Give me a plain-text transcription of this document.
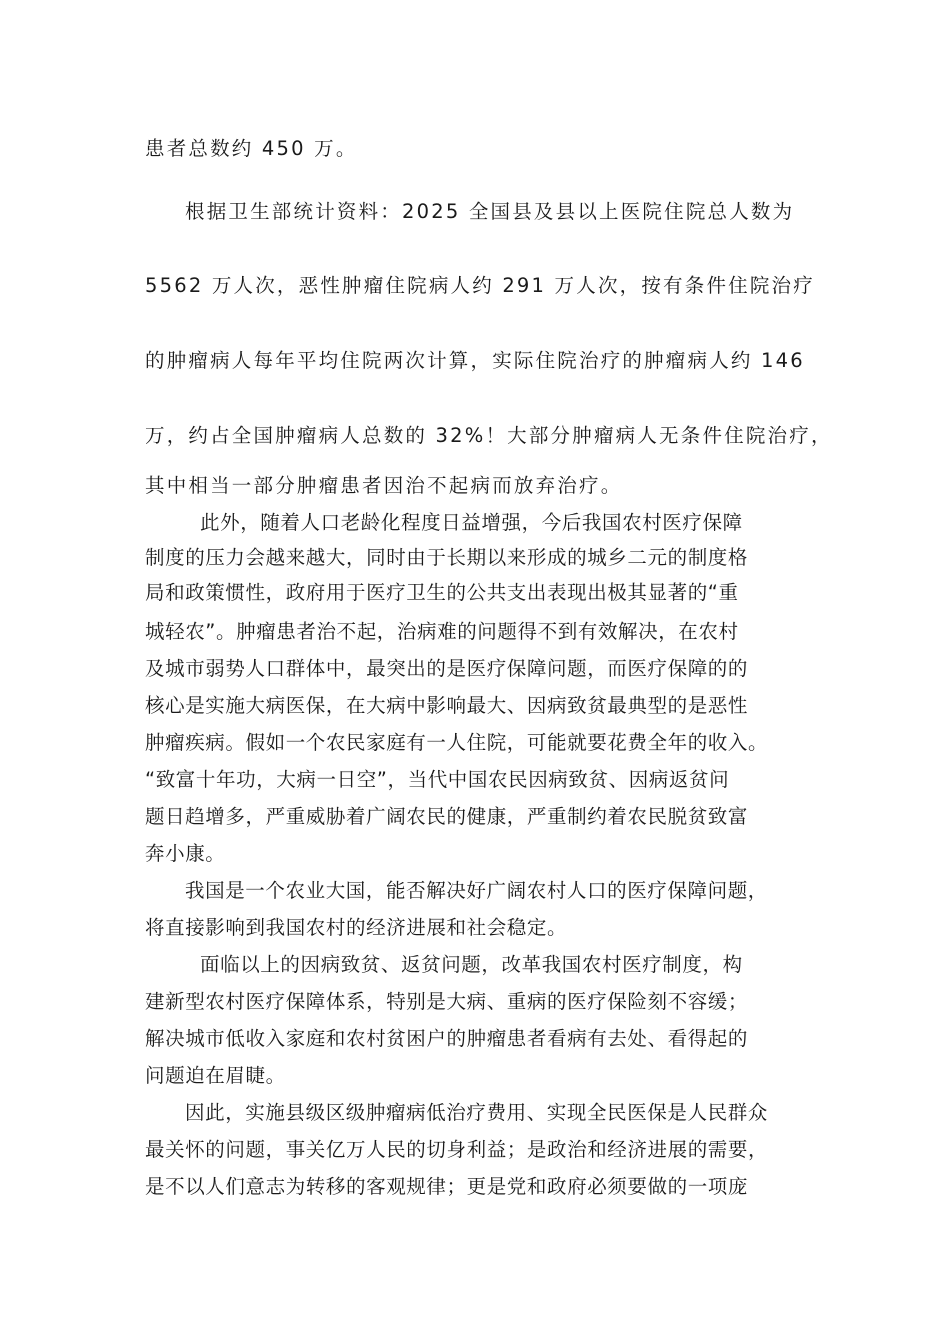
患者总数约 450 万。
根据卫生部统计资料：2025 全国县及县以上医院住院总人数为
5562 万人次，恶性肿瘤住院病人约 291 万人次，按有条件住院治疗
的肿瘤病人每年平均住院两次计算，实际住院治疗的肿瘤病人约 146
万，约占全国肿瘤病人总数的 32%！大部分肿瘤病人无条件住院治疗，
其中相当一部分肿瘤患者因治不起病而放弃治疗。
此外，随着人口老龄化程度日益增强，今后我国农村医疗保障
制度的压力会越来越大，同时由于长期以来形成的城乡二元的制度格
局和政策惯性，政府用于医疗卫生的公共支出表现出极其显著的“重
城轻农”。肿瘤患者治不起，治病难的问题得不到有效解决，在农村
及城市弱势人口群体中，最突出的是医疗保障问题，而医疗保障的的
核心是实施大病医保，在大病中影响最大、因病致贫最典型的是恶性
肿瘤疾病。假如一个农民家庭有一人住院，可能就要花费全年的收入。
“致富十年功，大病一日空”，当代中国农民因病致贫、因病返贫问
题日趋增多，严重威胁着广阔农民的健康，严重制约着农民脱贫致富
奔小康。
我国是一个农业大国，能否解决好广阔农村人口的医疗保障问题，
将直接影响到我国农村的经济进展和社会稳定。
面临以上的因病致贫、返贫问题，改革我国农村医疗制度，构
建新型农村医疗保障体系，特别是大病、重病的医疗保险刻不容缓；
解决城市低收入家庭和农村贫困户的肿瘤患者看病有去处、看得起的
问题迫在眉睫。
因此，实施县级区级肿瘤病低治疗费用、实现全民医保是人民群众
最关怀的问题，事关亿万人民的切身利益；是政治和经济进展的需要，
是不以人们意志为转移的客观规律；更是党和政府必须要做的一项庞
